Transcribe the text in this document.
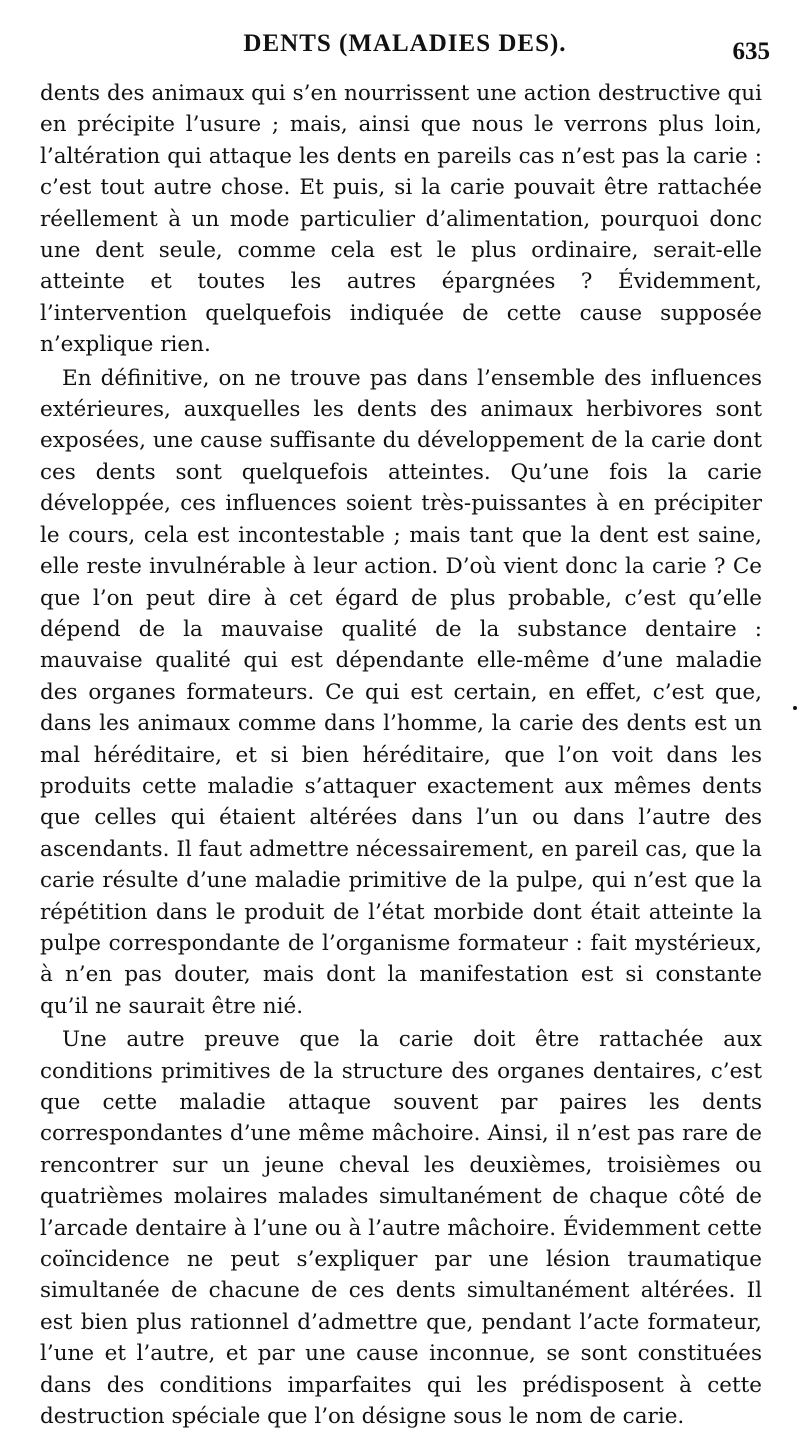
DENTS (MALADIES DES).	635

dents des animaux qui s’en nourrissent une action destructive qui en précipite l’usure ; mais, ainsi que nous le verrons plus loin, l’altération qui attaque les dents en pareils cas n’est pas la carie : c’est tout autre chose. Et puis, si la carie pouvait être rattachée réellement à un mode particulier d’alimentation, pourquoi donc une dent seule, comme cela est le plus ordinaire, serait-elle atteinte et toutes les autres épargnées ? Évidemment, l’intervention quelquefois indiquée de cette cause supposée n’explique rien.

En définitive, on ne trouve pas dans l’ensemble des influences extérieures, auxquelles les dents des animaux herbivores sont exposées, une cause suffisante du développement de la carie dont ces dents sont quelquefois atteintes. Qu’une fois la carie développée, ces influences soient très-puissantes à en précipiter le cours, cela est incontestable ; mais tant que la dent est saine, elle reste invulnérable à leur action. D’où vient donc la carie ? Ce que l’on peut dire à cet égard de plus probable, c’est qu’elle dépend de la mauvaise qualité de la substance dentaire : mauvaise qualité qui est dépendante elle-même d’une maladie des organes formateurs. Ce qui est certain, en effet, c’est que, dans les animaux comme dans l’homme, la carie des dents est un mal héréditaire, et si bien héréditaire, que l’on voit dans les produits cette maladie s’attaquer exactement aux mêmes dents que celles qui étaient altérées dans l’un ou dans l’autre des ascendants. Il faut admettre nécessairement, en pareil cas, que la carie résulte d’une maladie primitive de la pulpe, qui n’est que la répétition dans le produit de l’état morbide dont était atteinte la pulpe correspondante de l’organisme formateur : fait mystérieux, à n’en pas douter, mais dont la manifestation est si constante qu’il ne saurait être nié.

Une autre preuve que la carie doit être rattachée aux conditions primitives de la structure des organes dentaires, c’est que cette maladie attaque souvent par paires les dents correspondantes d’une même mâchoire. Ainsi, il n’est pas rare de rencontrer sur un jeune cheval les deuxièmes, troisièmes ou quatrièmes molaires malades simultanément de chaque côté de l’arcade dentaire à l’une ou à l’autre mâchoire. Évidemment cette coïncidence ne peut s’expliquer par une lésion traumatique simultanée de chacune de ces dents simultanément altérées. Il est bien plus rationnel d’admettre que, pendant l’acte formateur, l’une et l’autre, et par une cause inconnue, se sont constituées dans des conditions imparfaites qui les prédisposent à cette destruction spéciale que l’on désigne sous le nom de carie.
